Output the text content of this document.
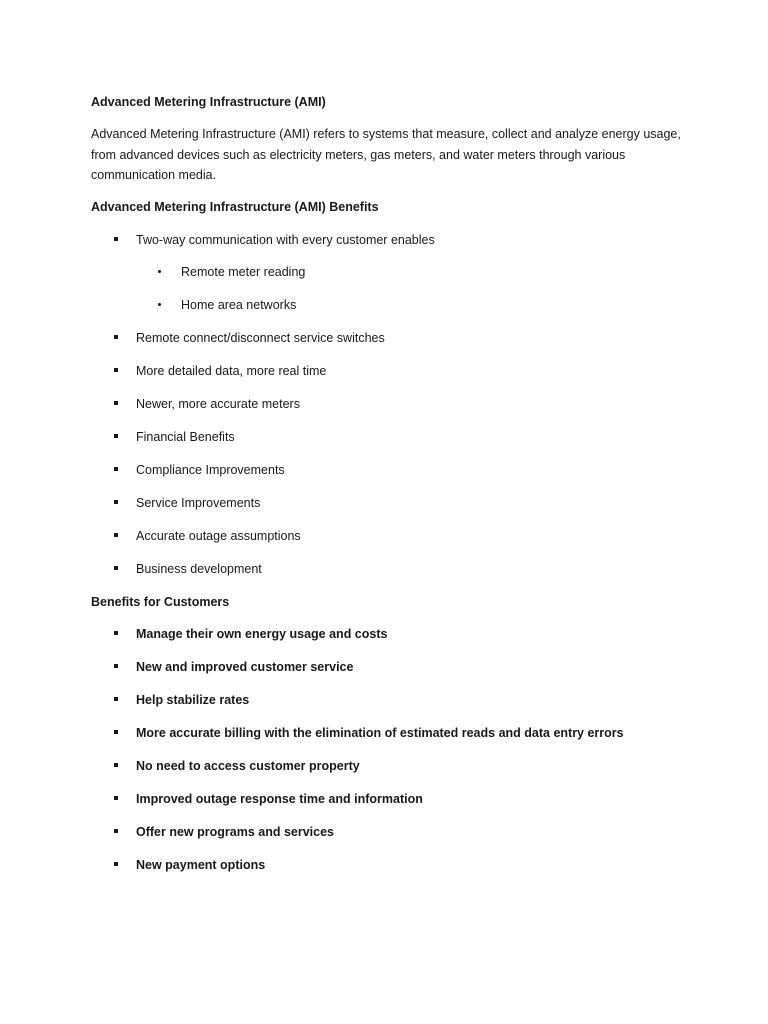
Advanced Metering Infrastructure (AMI)
Advanced Metering Infrastructure (AMI) refers to systems that measure, collect and analyze energy usage, from advanced devices such as electricity meters, gas meters, and water meters through various communication media.
Advanced Metering Infrastructure (AMI) Benefits
Two-way communication with every customer enables
Remote meter reading
Home area networks
Remote connect/disconnect service switches
More detailed data, more real time
Newer, more accurate meters
Financial Benefits
Compliance Improvements
Service Improvements
Accurate outage assumptions
Business development
Benefits for Customers
Manage their own energy usage and costs
New and improved customer service
Help stabilize rates
More accurate billing with the elimination of estimated reads and data entry errors
No need to access customer property
Improved outage response time and information
Offer new programs and services
New payment options
